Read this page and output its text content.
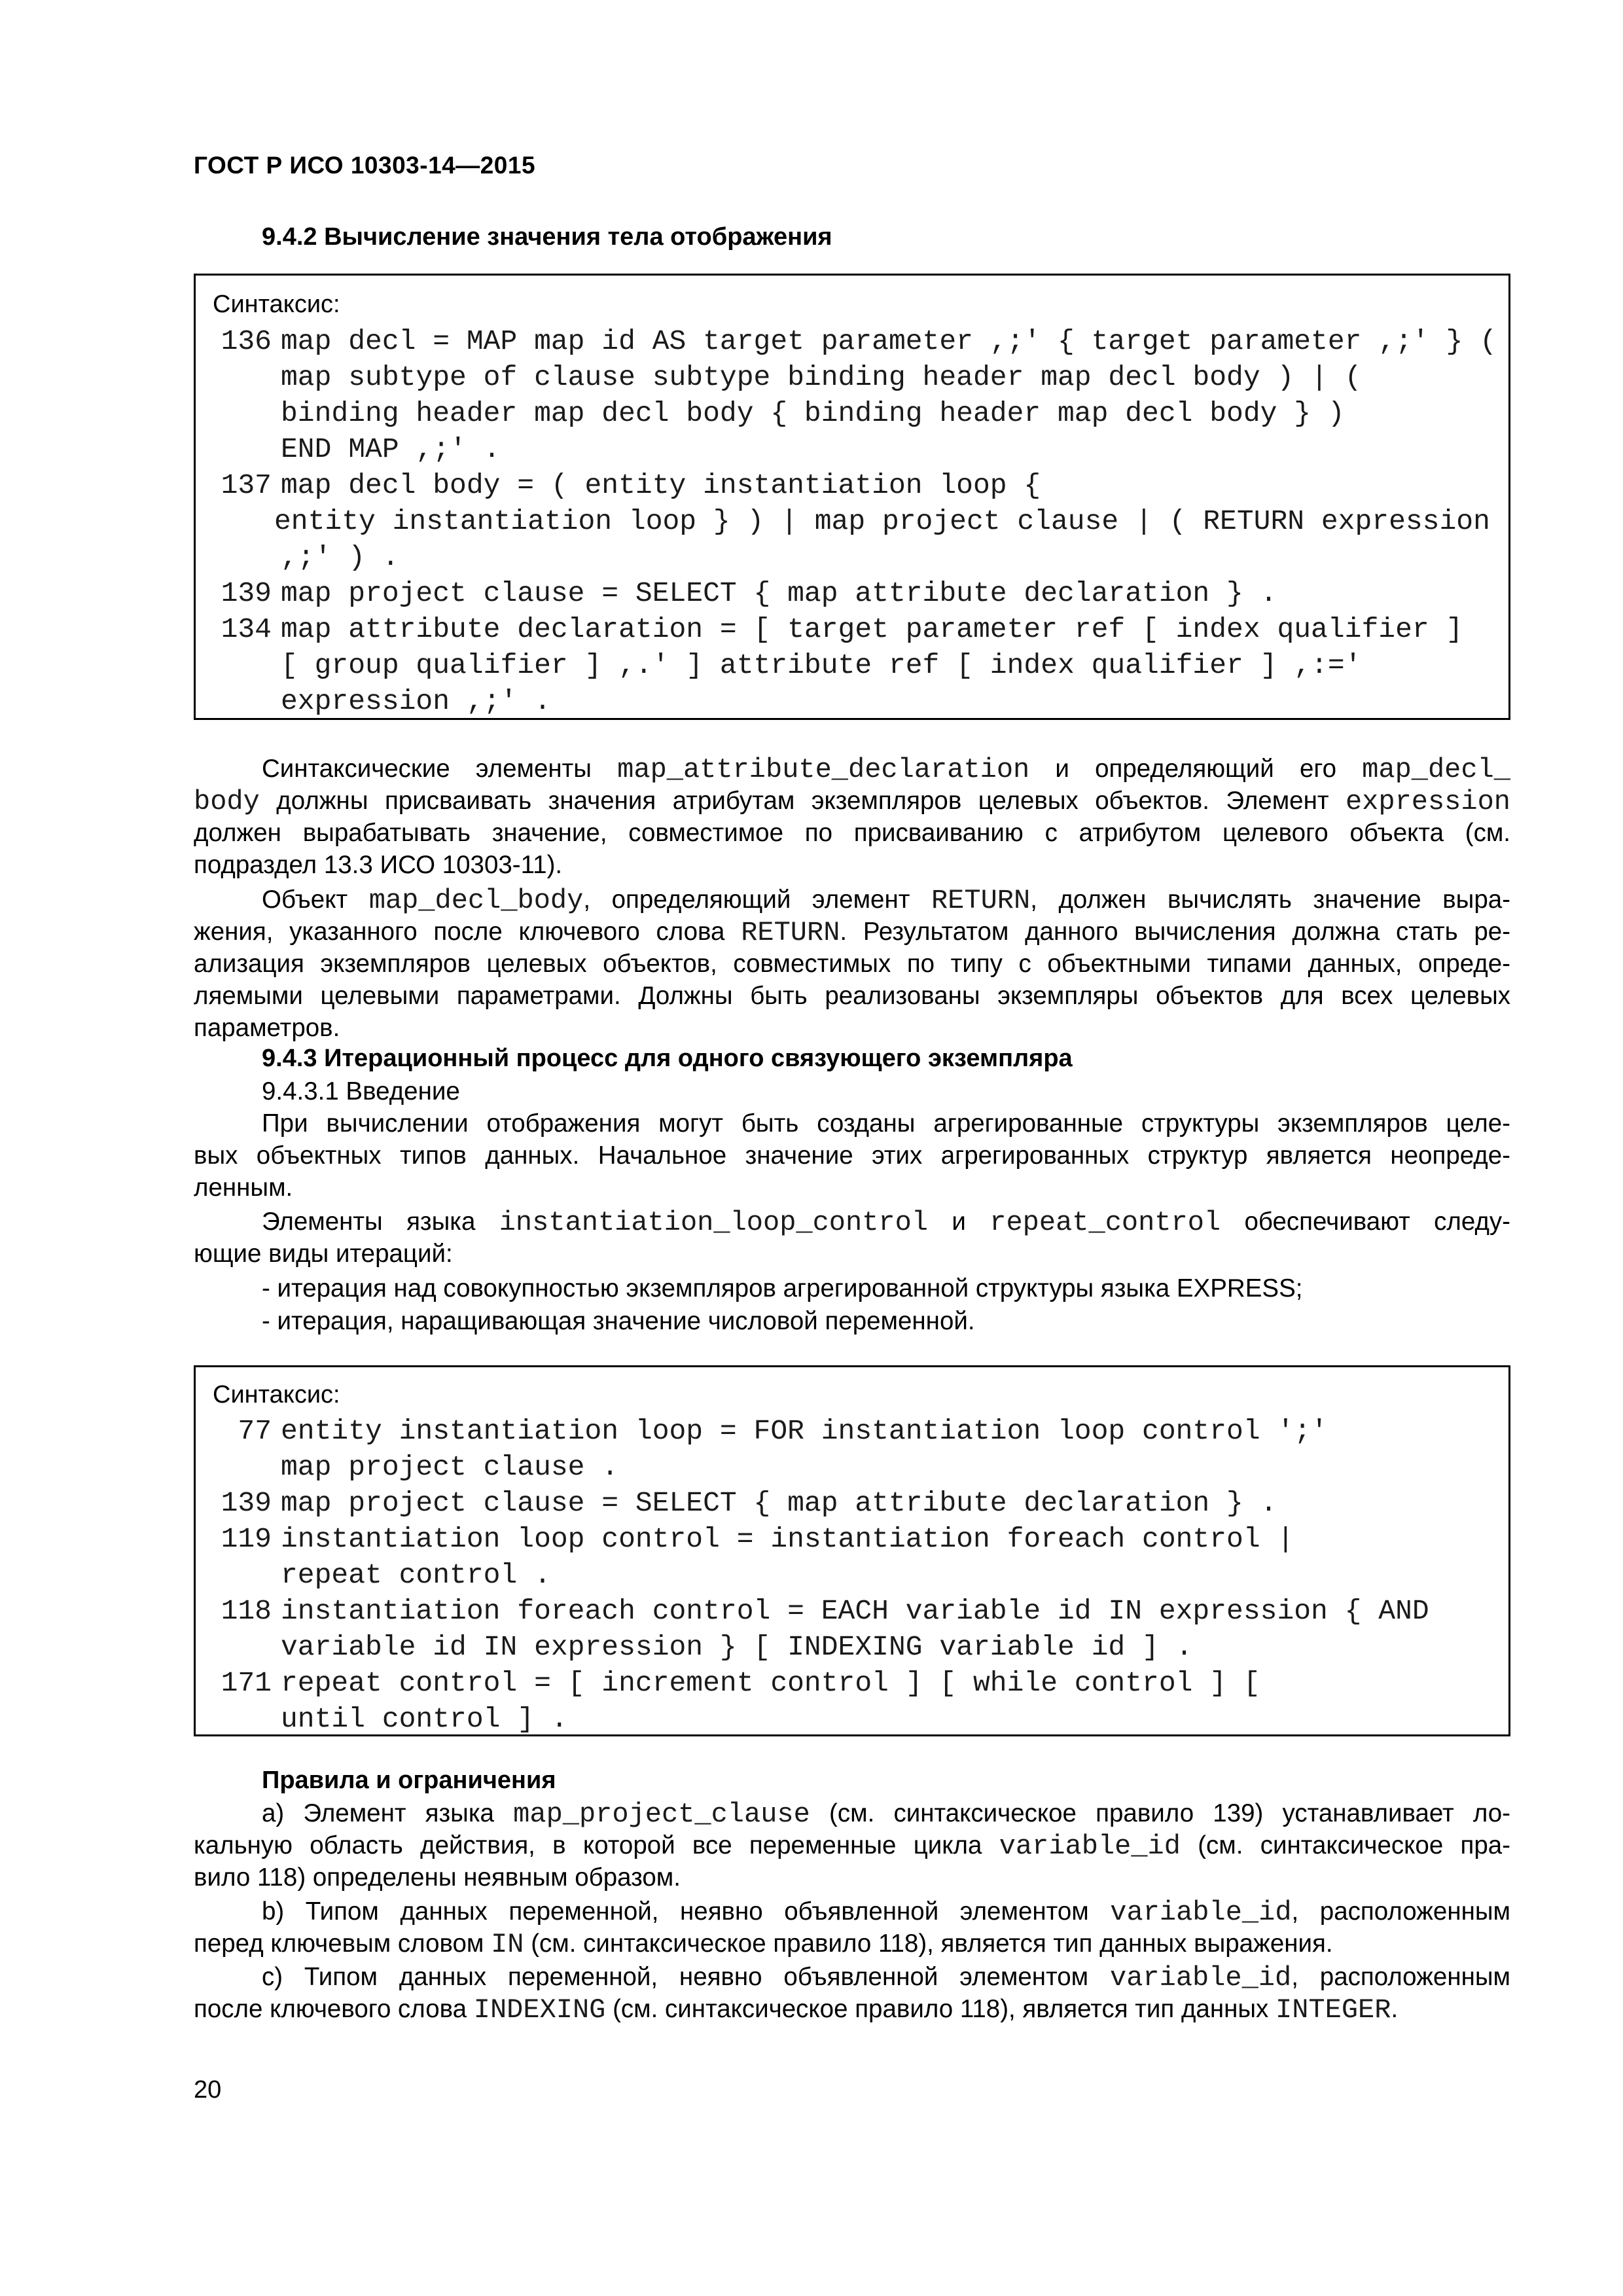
ГОСТ Р ИСО 10303-14—2015
9.4.2 Вычисление значения тела отображения
Синтаксис:
136 map decl = MAP map id AS target parameter ,;' { target parameter ,;' } (
map subtype of clause subtype binding header map decl body ) | (
binding header map decl body { binding header map decl body } )
END MAP ,;' .
137 map decl body = ( entity instantiation loop {
entity instantiation loop } ) | map project clause | ( RETURN expression
,;' ) .
139 map project clause = SELECT { map attribute declaration } .
134 map attribute declaration = [ target parameter ref [ index qualifier ]
[ group qualifier ] ,.' ] attribute ref [ index qualifier ] ,:='
expression ,;' .
Синтаксические элементы map_attribute_declaration и определяющий его map_decl_
body должны присваивать значения атрибутам экземпляров целевых объектов. Элемент expression
должен вырабатывать значение, совместимое по присваиванию с атрибутом целевого объекта (см.
подраздел 13.3 ИСО 10303-11).
Объект map_decl_body, определяющий элемент RETURN, должен вычислять значение выра-
жения, указанного после ключевого слова RETURN. Результатом данного вычисления должна стать ре-
ализация экземпляров целевых объектов, совместимых по типу с объектными типами данных, опреде-
ляемыми целевыми параметрами. Должны быть реализованы экземпляры объектов для всех целевых
параметров.
9.4.3 Итерационный процесс для одного связующего экземпляра
9.4.3.1 Введение
При вычислении отображения могут быть созданы агрегированные структуры экземпляров целе-
вых объектных типов данных. Начальное значение этих агрегированных структур является неопреде-
ленным.
Элементы языка instantiation_loop_control и repeat_control обеспечивают следу-
ющие виды итераций:
- итерация над совокупностью экземпляров агрегированной структуры языка EXPRESS;
- итерация, наращивающая значение числовой переменной.
Синтаксис:
77 entity instantiation loop = FOR instantiation loop control ';'
map project clause .
139 map project clause = SELECT { map attribute declaration } .
119 instantiation loop control = instantiation foreach control |
repeat control .
118 instantiation foreach control = EACH variable id IN expression { AND
variable id IN expression } [ INDEXING variable id ] .
171 repeat control = [ increment control ] [ while control ] [
until control ] .
Правила и ограничения
a) Элемент языка map_project_clause (см. синтаксическое правило 139) устанавливает ло-
кальную область действия, в которой все переменные цикла variable_id (см. синтаксическое пра-
вило 118) определены неявным образом.
b) Типом данных переменной, неявно объявленной элементом variable_id, расположенным
перед ключевым словом IN (см. синтаксическое правило 118), является тип данных выражения.
c) Типом данных переменной, неявно объявленной элементом variable_id, расположенным
после ключевого слова INDEXING (см. синтаксическое правило 118), является тип данных INTEGER.
20
